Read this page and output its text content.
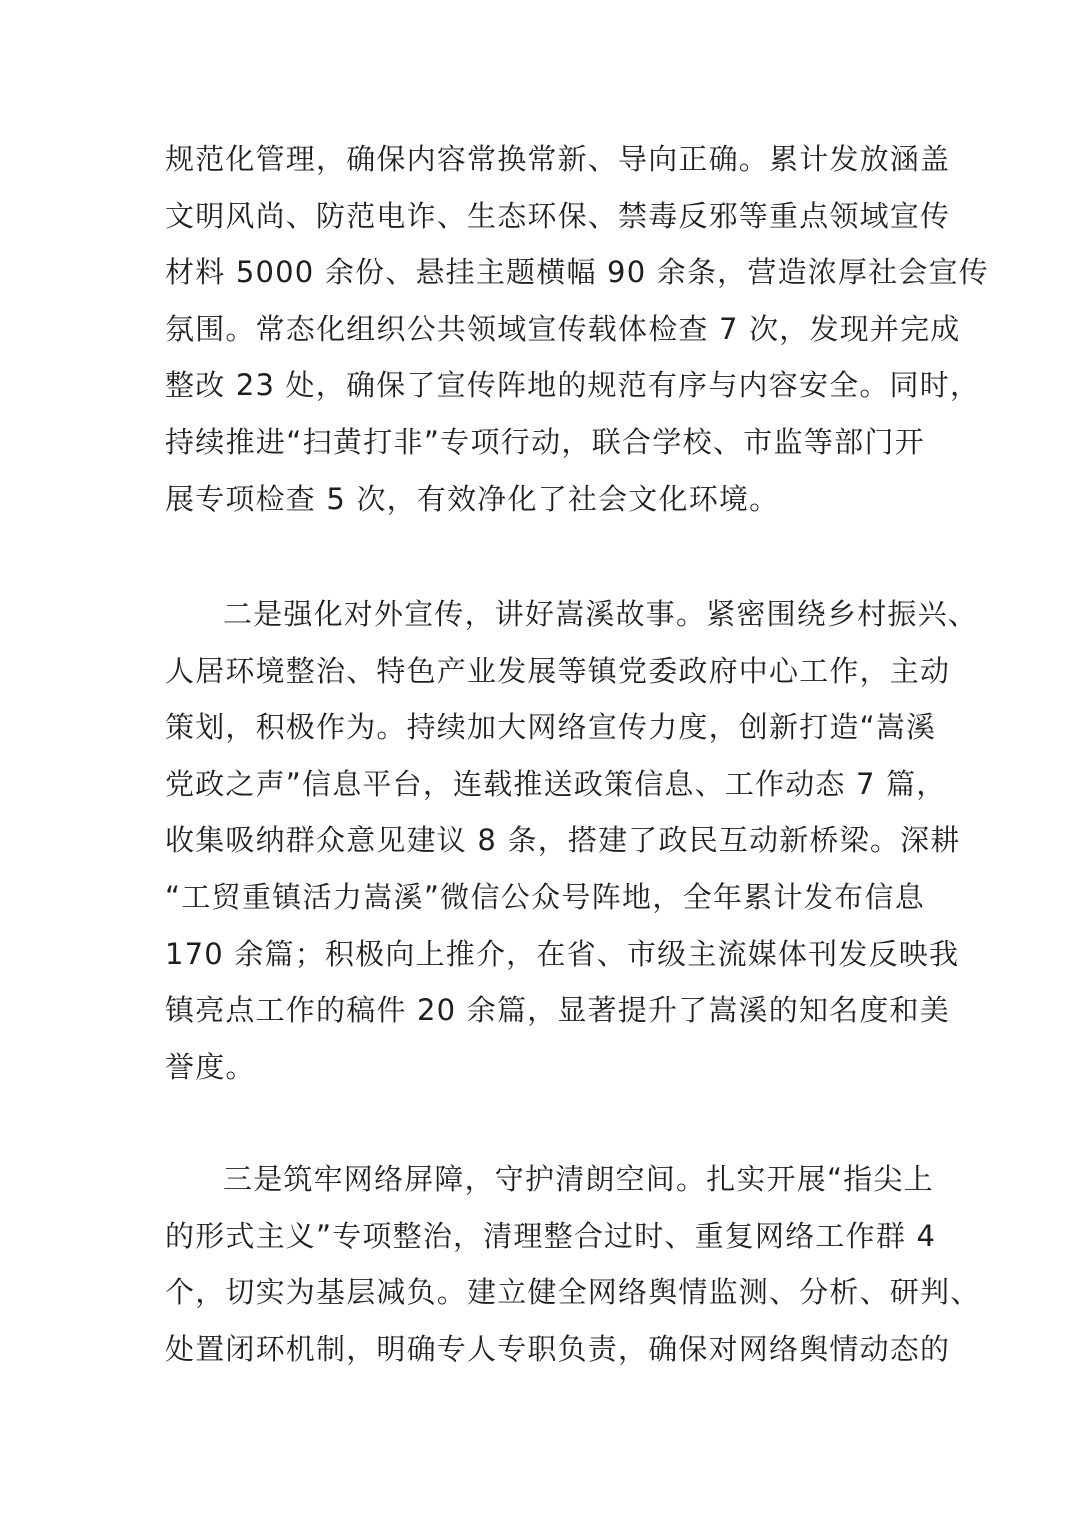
规范化管理，确保内容常换常新、导向正确。累计发放涵盖
文明风尚、防范电诈、生态环保、禁毒反邪等重点领域宣传
材料 5000 余份、悬挂主题横幅 90 余条，营造浓厚社会宣传
氛围。常态化组织公共领域宣传载体检查 7 次，发现并完成
整改 23 处，确保了宣传阵地的规范有序与内容安全。同时，
持续推进“扫黄打非”专项行动，联合学校、市监等部门开
展专项检查 5 次，有效净化了社会文化环境。

二是强化对外宣传，讲好嵩溪故事。紧密围绕乡村振兴、
人居环境整治、特色产业发展等镇党委政府中心工作，主动
策划，积极作为。持续加大网络宣传力度，创新打造“嵩溪
党政之声”信息平台，连载推送政策信息、工作动态 7 篇，
收集吸纳群众意见建议 8 条，搭建了政民互动新桥梁。深耕
“工贸重镇活力嵩溪”微信公众号阵地，全年累计发布信息
170 余篇；积极向上推介，在省、市级主流媒体刊发反映我
镇亮点工作的稿件 20 余篇，显著提升了嵩溪的知名度和美
誉度。

三是筑牢网络屏障，守护清朗空间。扎实开展“指尖上
的形式主义”专项整治，清理整合过时、重复网络工作群 4
个，切实为基层减负。建立健全网络舆情监测、分析、研判、
处置闭环机制，明确专人专职负责，确保对网络舆情动态的
